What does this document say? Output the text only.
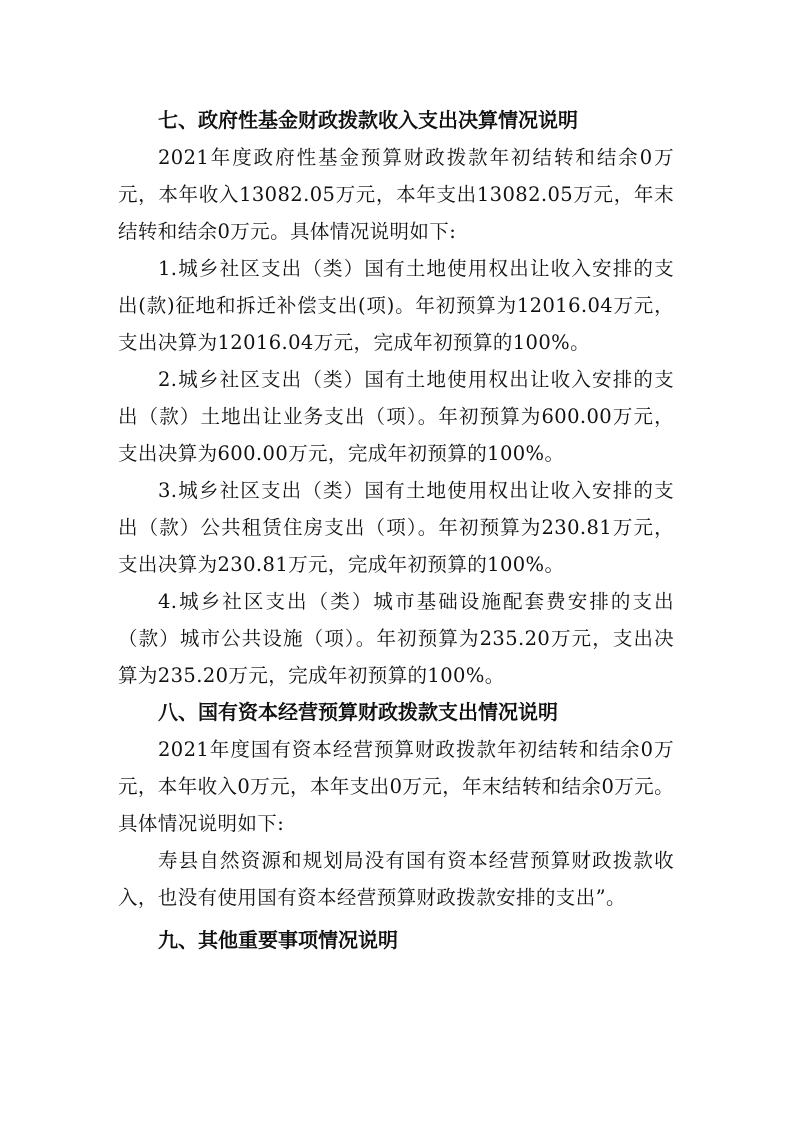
七、政府性基金财政拨款收入支出决算情况说明

2021年度政府性基金预算财政拨款年初结转和结余0万元，本年收入13082.05万元，本年支出13082.05万元，年末结转和结余0万元。具体情况说明如下:

1.城乡社区支出（类）国有土地使用权出让收入安排的支出(款)征地和拆迁补偿支出(项)。年初预算为12016.04万元，支出决算为12016.04万元，完成年初预算的100%。

2.城乡社区支出（类）国有土地使用权出让收入安排的支出（款）土地出让业务支出（项）。年初预算为600.00万元，支出决算为600.00万元，完成年初预算的100%。

3.城乡社区支出（类）国有土地使用权出让收入安排的支出（款）公共租赁住房支出（项）。年初预算为230.81万元，支出决算为230.81万元，完成年初预算的100%。

4.城乡社区支出（类）城市基础设施配套费安排的支出（款）城市公共设施（项）。年初预算为235.20万元，支出决算为235.20万元，完成年初预算的100%。

八、国有资本经营预算财政拨款支出情况说明

2021年度国有资本经营预算财政拨款年初结转和结余0万元，本年收入0万元，本年支出0万元，年末结转和结余0万元。具体情况说明如下:

寿县自然资源和规划局没有国有资本经营预算财政拨款收入，也没有使用国有资本经营预算财政拨款安排的支出”。

九、其他重要事项情况说明
